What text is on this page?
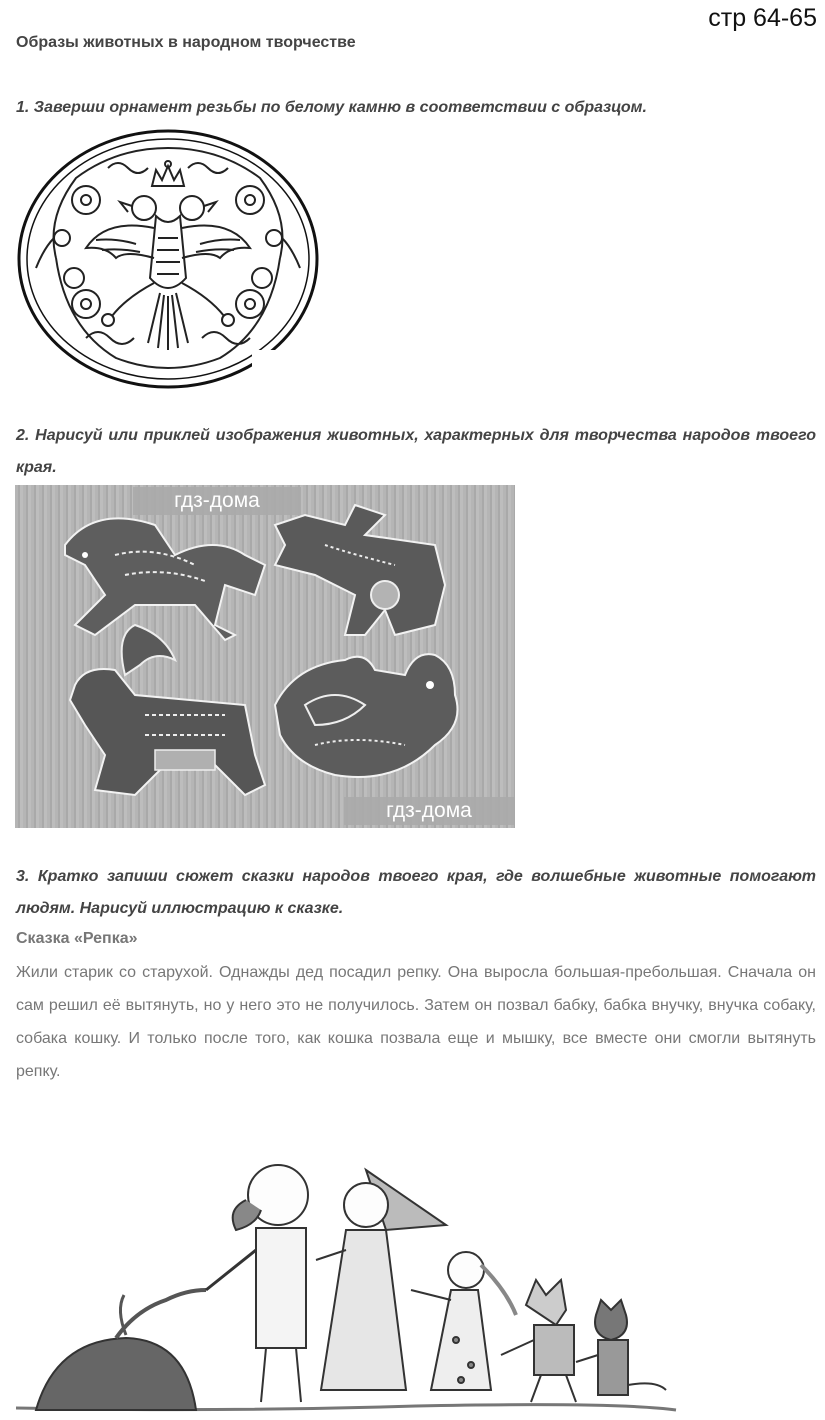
стр 64-65
Образы животных в народном творчестве
1. Заверши орнамент резьбы по белому камню в соответствии с образцом.
2. Нарисуй или приклей изображения животных, характерных для творчества народов твоего края.
гдз-дома
гдз-дома
3. Кратко запиши сюжет сказки народов твоего края, где волшебные животные помогают людям. Нарисуй иллюстрацию к сказке.
Сказка «Репка»
Жили старик со старухой. Однажды дед посадил репку. Она выросла большая-пребольшая. Сначала он сам решил её вытянуть, но у него это не получилось. Затем он позвал бабку, бабка внучку, внучка собаку, собака кошку. И только после того, как кошка позвала еще и мышку, все вместе они смогли вытянуть репку.
